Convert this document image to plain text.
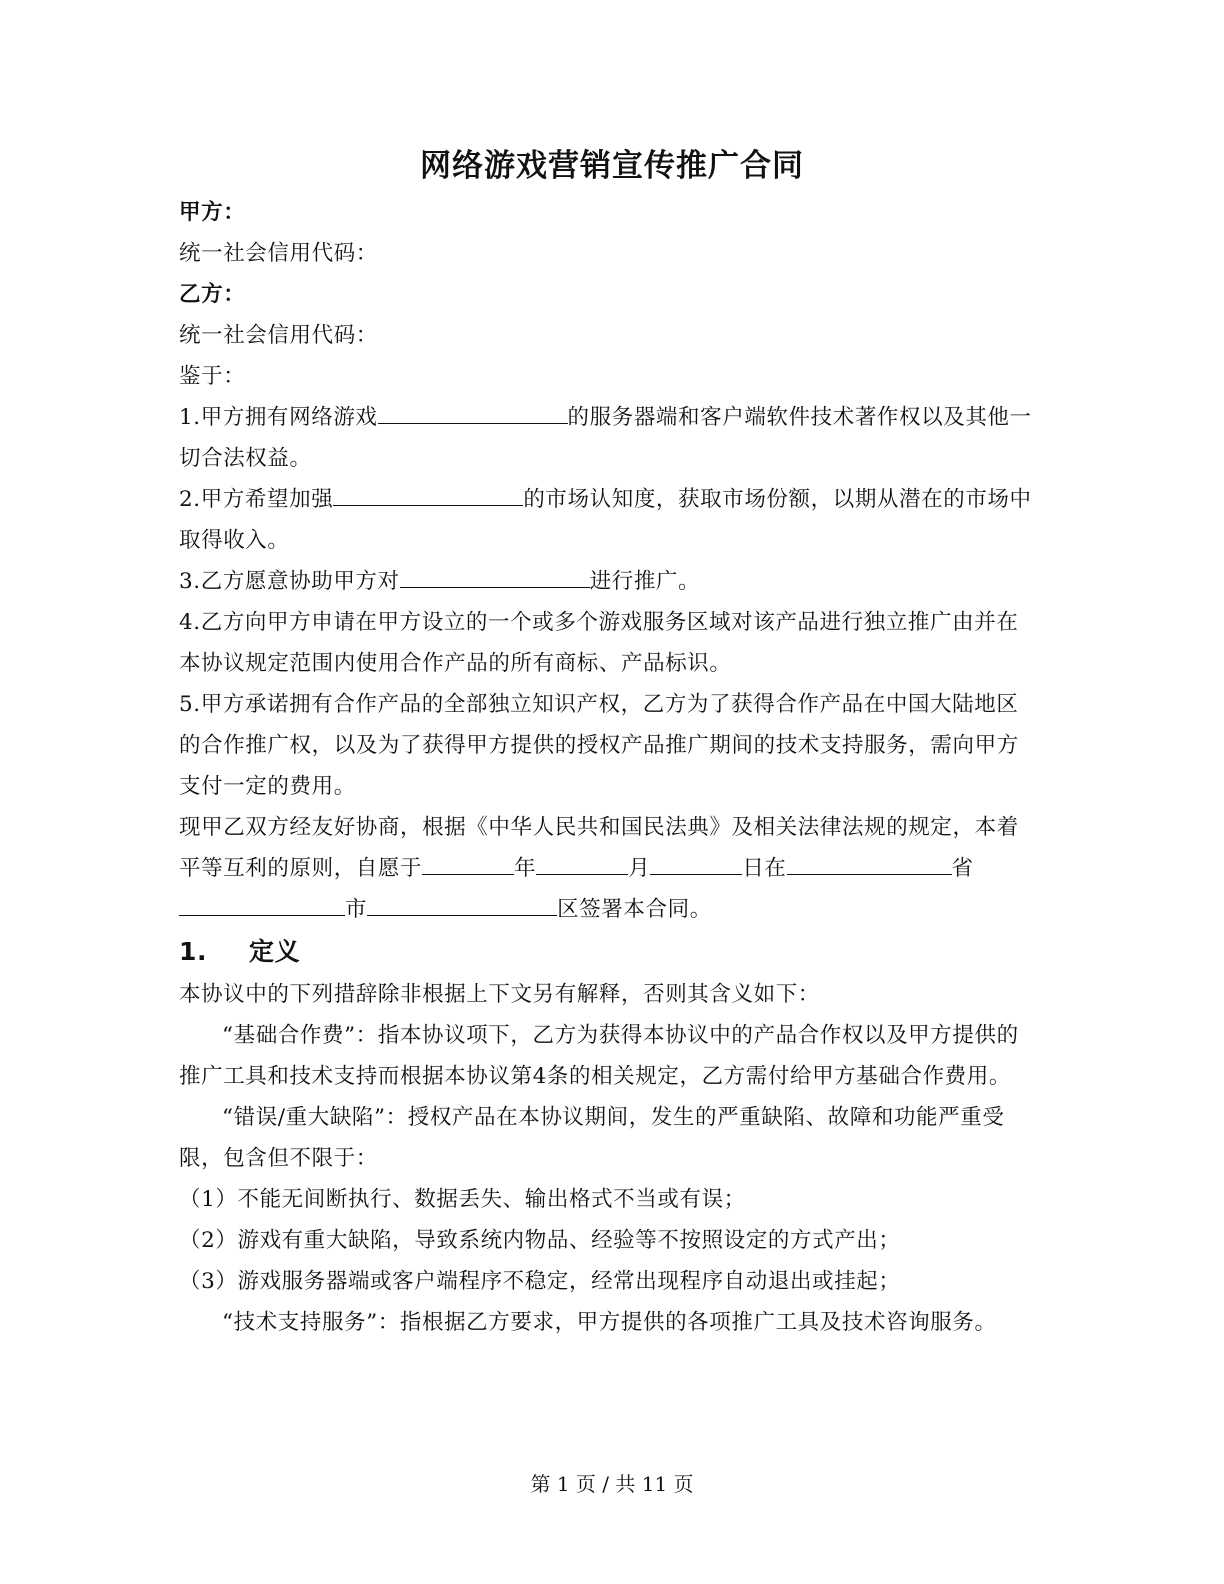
网络游戏营销宣传推广合同

甲方：

统一社会信用代码：

乙方：

统一社会信用代码：

鉴于：

1.甲方拥有网络游戏	的服务器端和客户端软件技术著作权以及其他一切合法权益。

2.甲方希望加强	的市场认知度，获取市场份额，以期从潜在的市场中取得收入。

3.乙方愿意协助甲方对	进行推广。

4.乙方向甲方申请在甲方设立的一个或多个游戏服务区域对该产品进行独立推广由并在本协议规定范围内使用合作产品的所有商标、产品标识。

5.甲方承诺拥有合作产品的全部独立知识产权，乙方为了获得合作产品在中国大陆地区的合作推广权，以及为了获得甲方提供的授权产品推广期间的技术支持服务，需向甲方支付一定的费用。

现甲乙双方经友好协商，根据《中华人民共和国民法典》及相关法律法规的规定，本着平等互利的原则，自愿于	年	月	日在	省市	区签署本合同。

1. 定义

本协议中的下列措辞除非根据上下文另有解释，否则其含义如下：

“基础合作费”：指本协议项下，乙方为获得本协议中的产品合作权以及甲方提供的推广工具和技术支持而根据本协议第4条的相关规定，乙方需付给甲方基础合作费用。

“错误/重大缺陷”：授权产品在本协议期间，发生的严重缺陷、故障和功能严重受限，包含但不限于：

（1）不能无间断执行、数据丢失、输出格式不当或有误；

（2）游戏有重大缺陷，导致系统内物品、经验等不按照设定的方式产出；

（3）游戏服务器端或客户端程序不稳定，经常出现程序自动退出或挂起；

“技术支持服务”：指根据乙方要求，甲方提供的各项推广工具及技术咨询服务。

第 1 页 / 共 11 页
